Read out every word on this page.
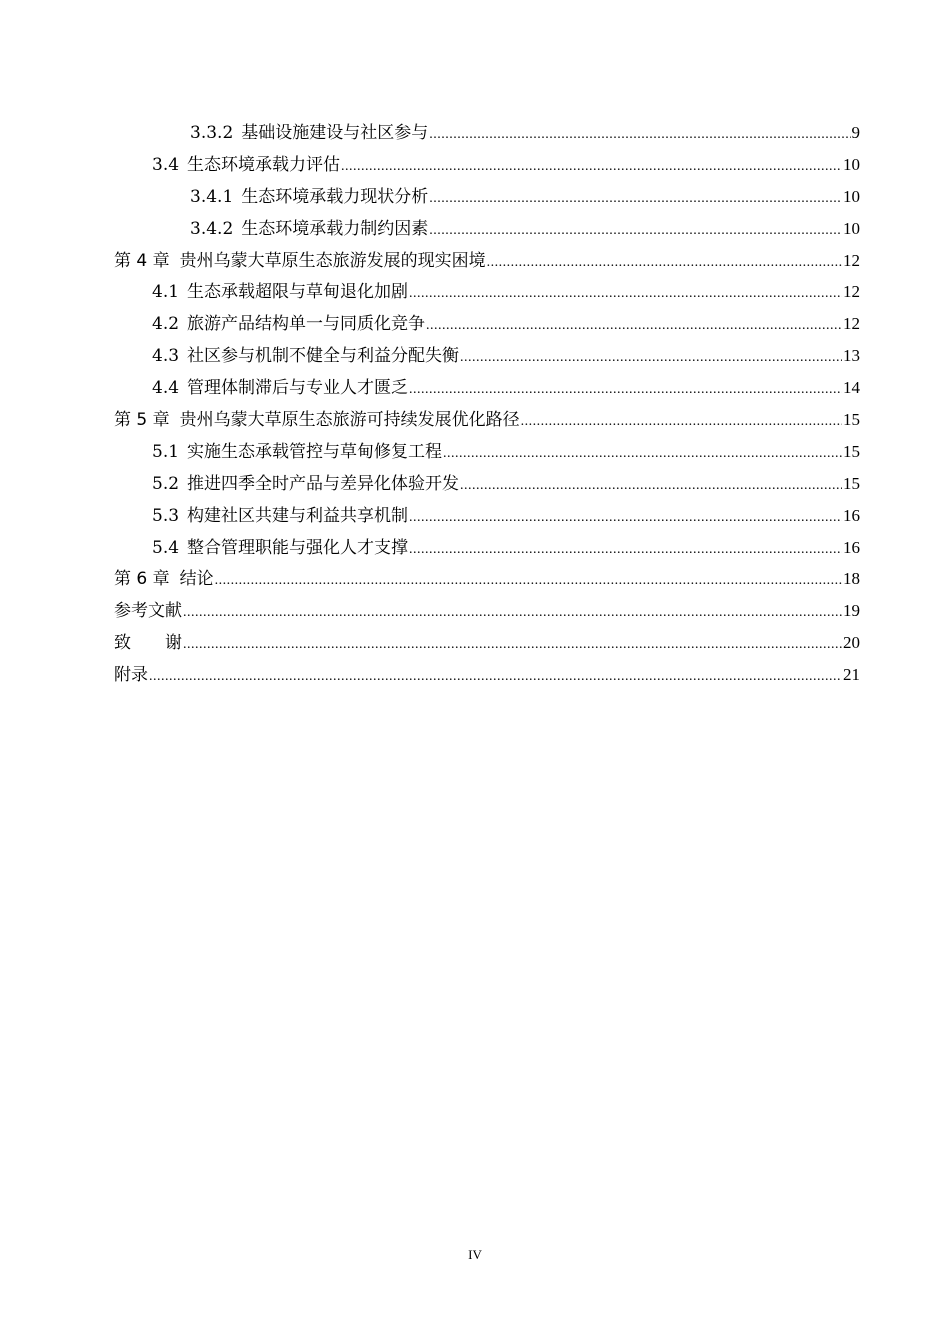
3.3.2 基础设施建设与社区参与 .....	9
3.4 生态环境承载力评估 .....	10
3.4.1 生态环境承载力现状分析 .....	10
3.4.2 生态环境承载力制约因素 .....	10
第 4 章 贵州乌蒙大草原生态旅游发展的现实困境 .....	12
4.1 生态承载超限与草甸退化加剧 .....	12
4.2 旅游产品结构单一与同质化竞争 .....	12
4.3 社区参与机制不健全与利益分配失衡 .....	13
4.4 管理体制滞后与专业人才匮乏 .....	14
第 5 章 贵州乌蒙大草原生态旅游可持续发展优化路径 .....	15
5.1 实施生态承载管控与草甸修复工程 .....	15
5.2 推进四季全时产品与差异化体验开发 .....	15
5.3 构建社区共建与利益共享机制 .....	16
5.4 整合管理职能与强化人才支撑 .....	16
第 6 章 结论 .....	18
参考文献 .....	19
致　　谢 .....	20
附录 .....	21
IV
